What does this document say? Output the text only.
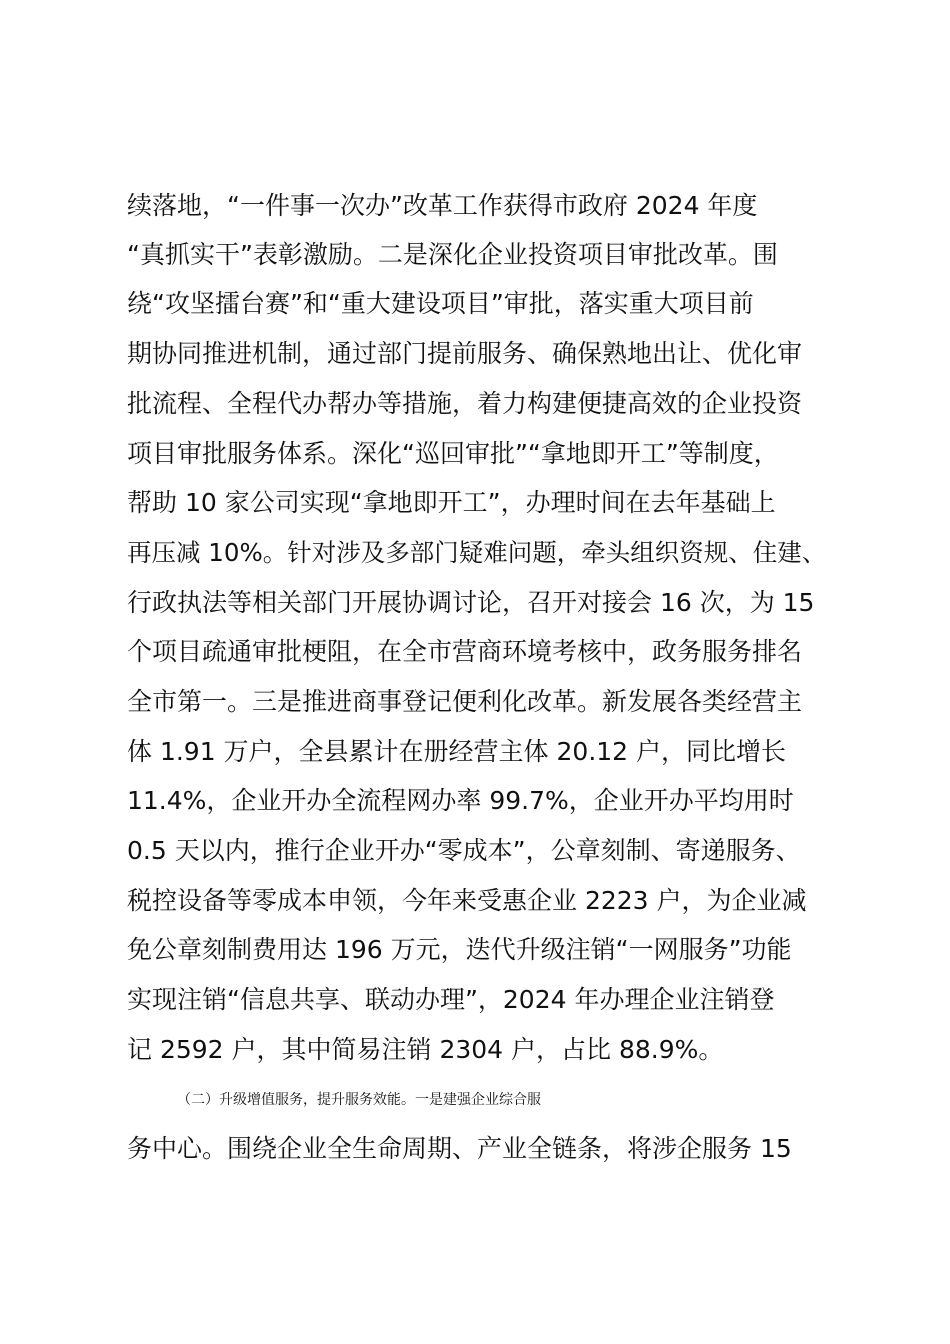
续落地，“一件事一次办”改革工作获得市政府 2024 年度
“真抓实干”表彰激励。二是深化企业投资项目审批改革。围
绕“攻坚擂台赛”和“重大建设项目”审批，落实重大项目前
期协同推进机制，通过部门提前服务、确保熟地出让、优化审
批流程、全程代办帮办等措施，着力构建便捷高效的企业投资
项目审批服务体系。深化“巡回审批”“拿地即开工”等制度，
帮助 10 家公司实现“拿地即开工”，办理时间在去年基础上
再压减 10%。针对涉及多部门疑难问题，牵头组织资规、住建、
行政执法等相关部门开展协调讨论，召开对接会 16 次，为 15
个项目疏通审批梗阻，在全市营商环境考核中，政务服务排名
全市第一。三是推进商事登记便利化改革。新发展各类经营主
体 1.91 万户，全县累计在册经营主体 20.12 户，同比增长
11.4%，企业开办全流程网办率 99.7%，企业开办平均用时
0.5 天以内，推行企业开办“零成本”，公章刻制、寄递服务、
税控设备等零成本申领，今年来受惠企业 2223 户，为企业减
免公章刻制费用达 196 万元，迭代升级注销“一网服务”功能
实现注销“信息共享、联动办理”，2024 年办理企业注销登
记 2592 户，其中简易注销 2304 户，占比 88.9%。
（二）升级增值服务，提升服务效能。一是建强企业综合服
务中心。围绕企业全生命周期、产业全链条，将涉企服务 15
